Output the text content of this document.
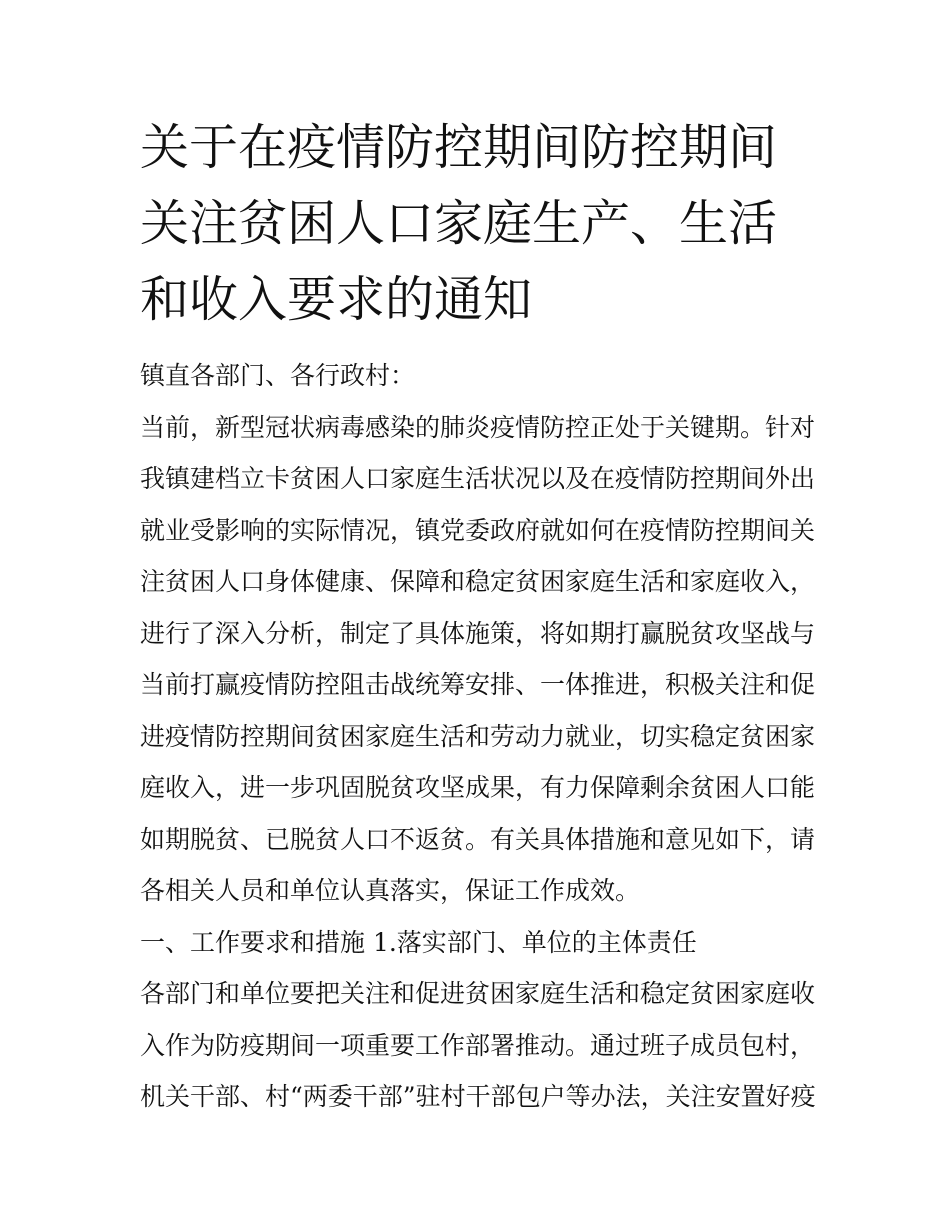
关于在疫情防控期间防控期间
关注贫困人口家庭生产、生活
和收入要求的通知
镇直各部门、各行政村：
当前，新型冠状病毒感染的肺炎疫情防控正处于关键期。针对
我镇建档立卡贫困人口家庭生活状况以及在疫情防控期间外出
就业受影响的实际情况，镇党委政府就如何在疫情防控期间关
注贫困人口身体健康、保障和稳定贫困家庭生活和家庭收入，
进行了深入分析，制定了具体施策，将如期打赢脱贫攻坚战与
当前打赢疫情防控阻击战统筹安排、一体推进，积极关注和促
进疫情防控期间贫困家庭生活和劳动力就业，切实稳定贫困家
庭收入，进一步巩固脱贫攻坚成果，有力保障剩余贫困人口能
如期脱贫、已脱贫人口不返贫。有关具体措施和意见如下，请
各相关人员和单位认真落实，保证工作成效。
一、工作要求和措施 1.落实部门、单位的主体责任
各部门和单位要把关注和促进贫困家庭生活和稳定贫困家庭收
入作为防疫期间一项重要工作部署推动。通过班子成员包村，
机关干部、村“两委干部”驻村干部包户等办法，关注安置好疫
